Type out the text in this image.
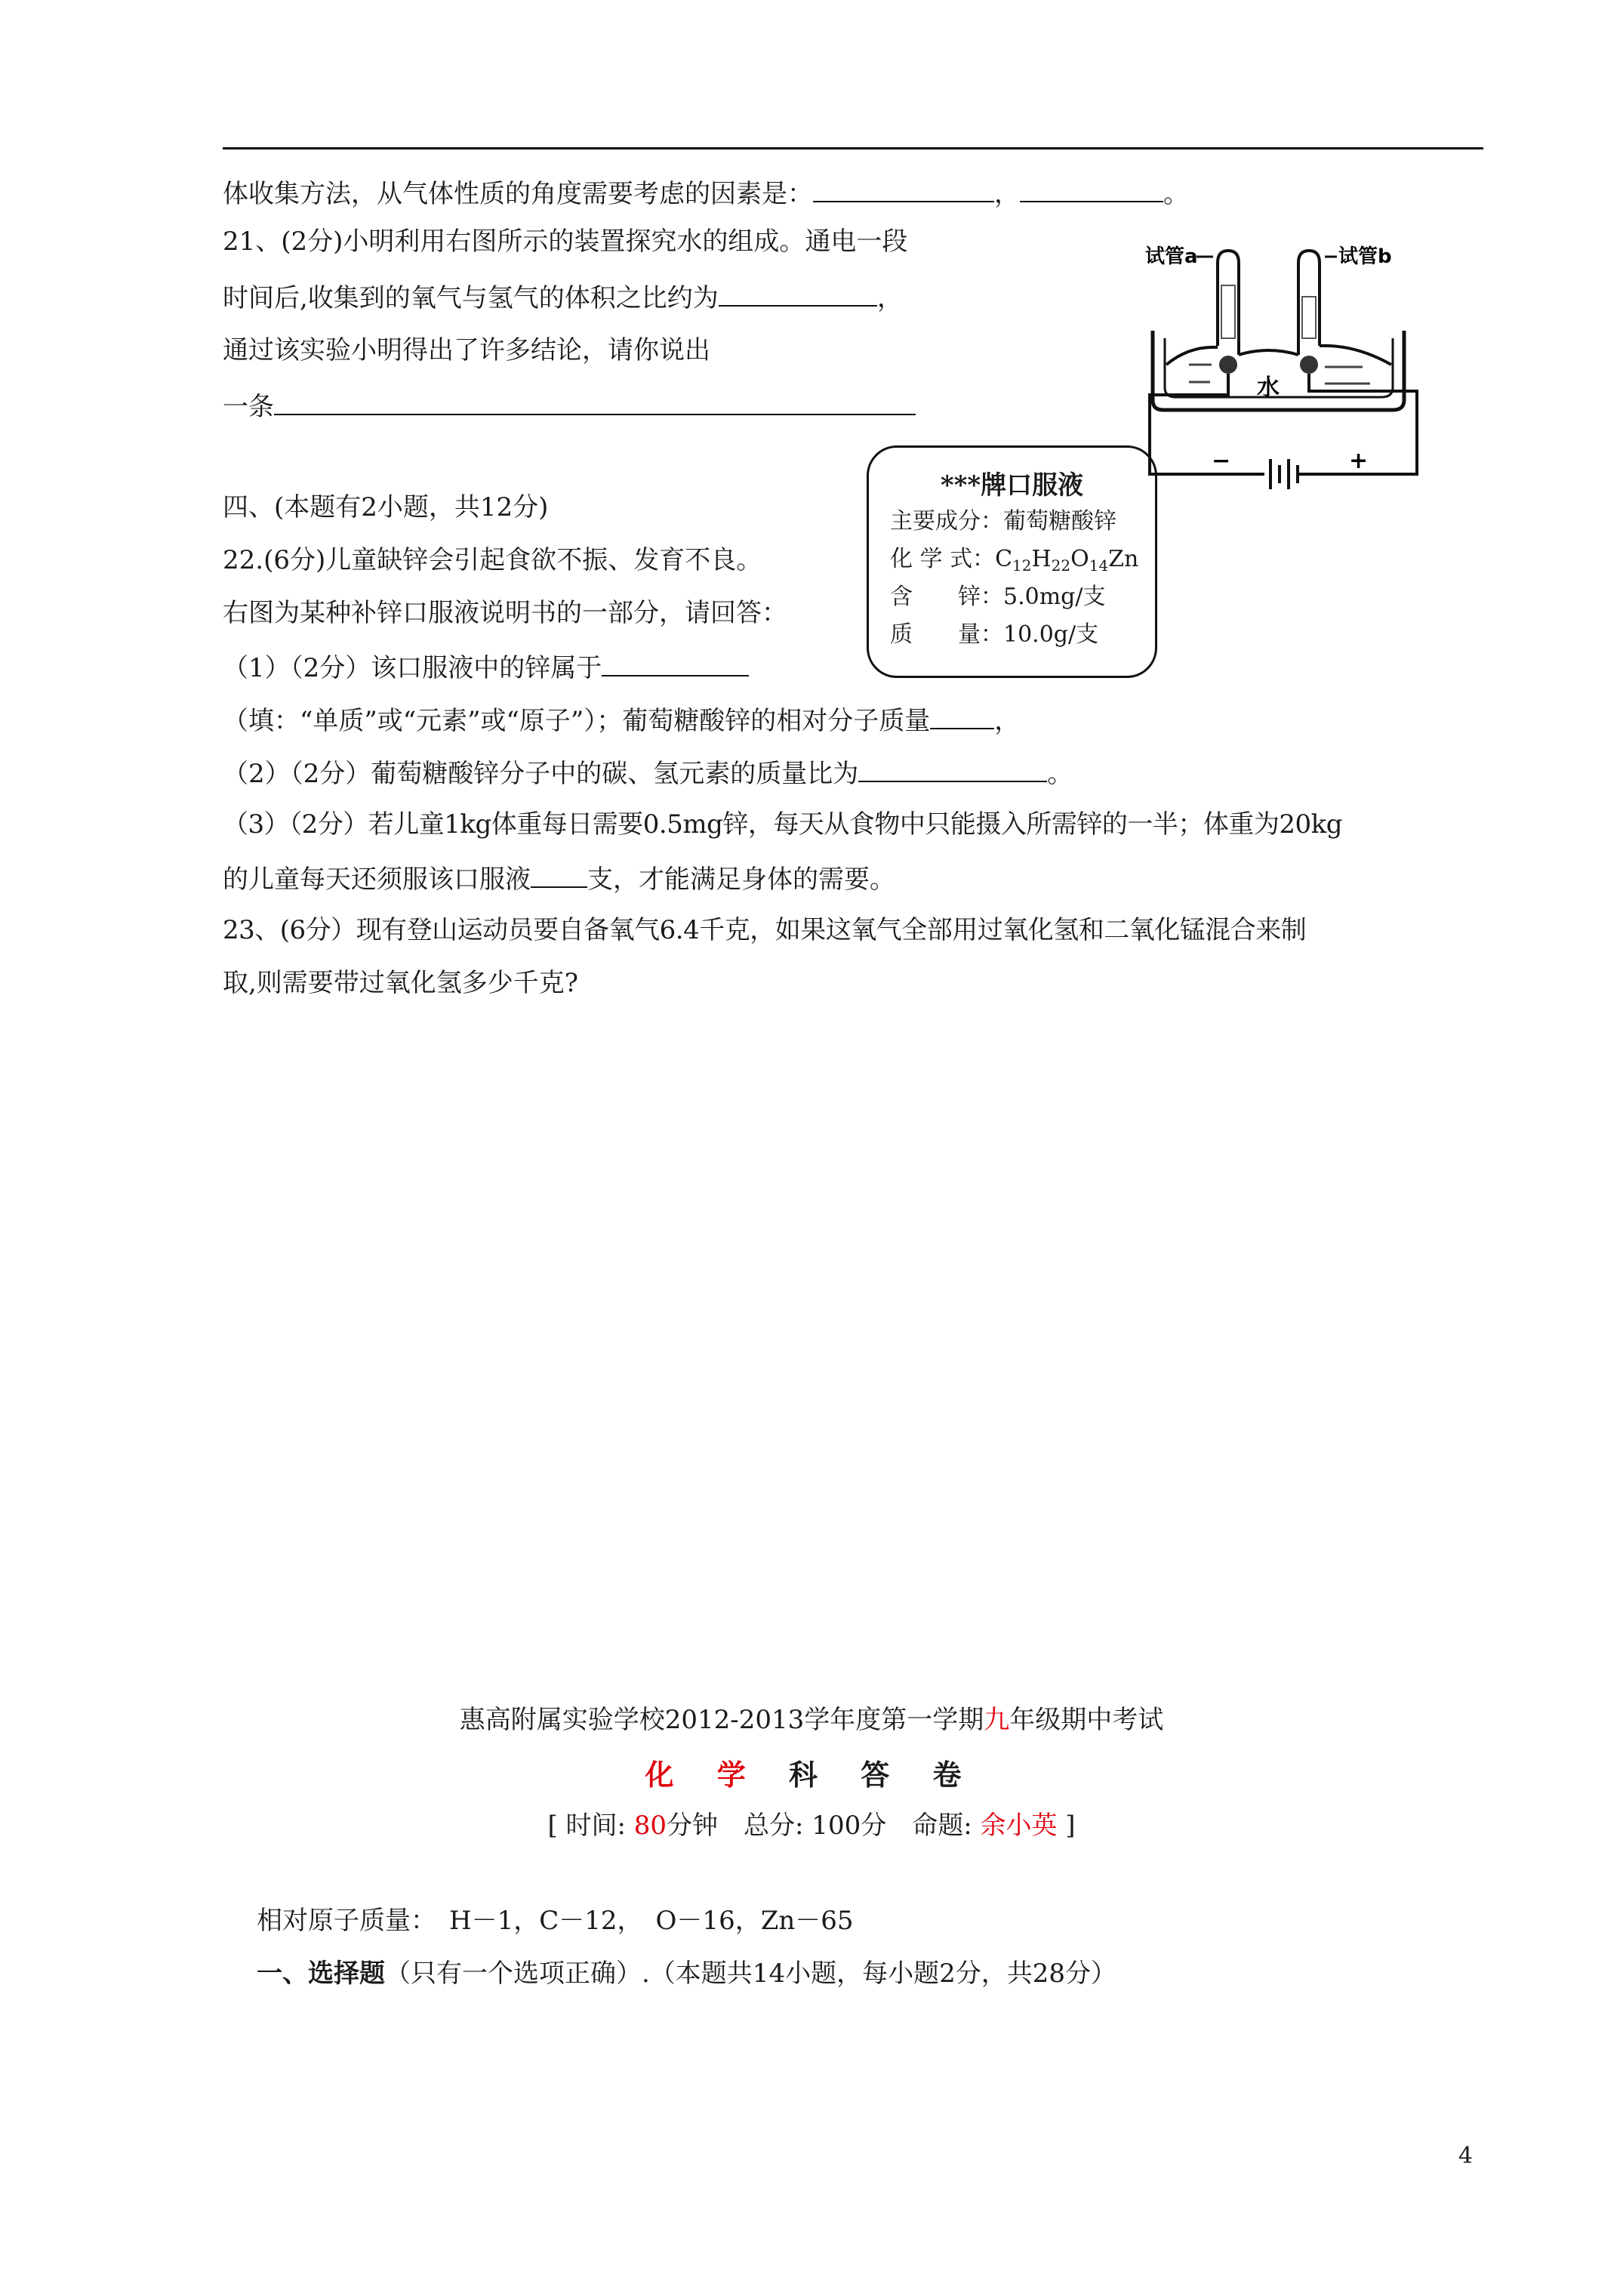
体收集方法，从气体性质的角度需要考虑的因素是：	，	。
21、(2分)小明利用右图所示的装置探究水的组成。通电一段
时间后,收集到的氧气与氢气的体积之比约为	，
通过该实验小明得出了许多结论，请你说出
一条
试管a	试管b
水
−	+
四、(本题有2小题，共12分)
***牌口服液
主要成分：葡萄糖酸锌
化 学 式：$C_{12}H_{22}O_{14}Zn$
含　　锌：5.0mg/支
质　　量：10.0g/支
22.(6分)儿童缺锌会引起食欲不振、发育不良。
右图为某种补锌口服液说明书的一部分，请回答：
（1）（2分）该口服液中的锌属于
（填：“单质”或“元素”或“原子”）；葡萄糖酸锌的相对分子质量	，
（2）（2分）葡萄糖酸锌分子中的碳、氢元素的质量比为	。
（3）（2分）若儿童1kg体重每日需要0.5mg锌，每天从食物中只能摄入所需锌的一半；体重为20kg
的儿童每天还须服该口服液 支，才能满足身体的需要。
23、(6分）现有登山运动员要自备氧气6.4千克，如果这氧气全部用过氧化氢和二氧化锰混合来制
取,则需要带过氧化氢多少千克?
惠高附属实验学校2012-2013学年度第一学期九年级期中考试
化 学 科 答 卷
[ 时间: 80分钟　总分: 100分　命题: 余小英 ]
相对原子质量：　H－1，C－12，　O－16，Zn－65
一、选择题（只有一个选项正确）.（本题共14小题，每小题2分，共28分）
4
